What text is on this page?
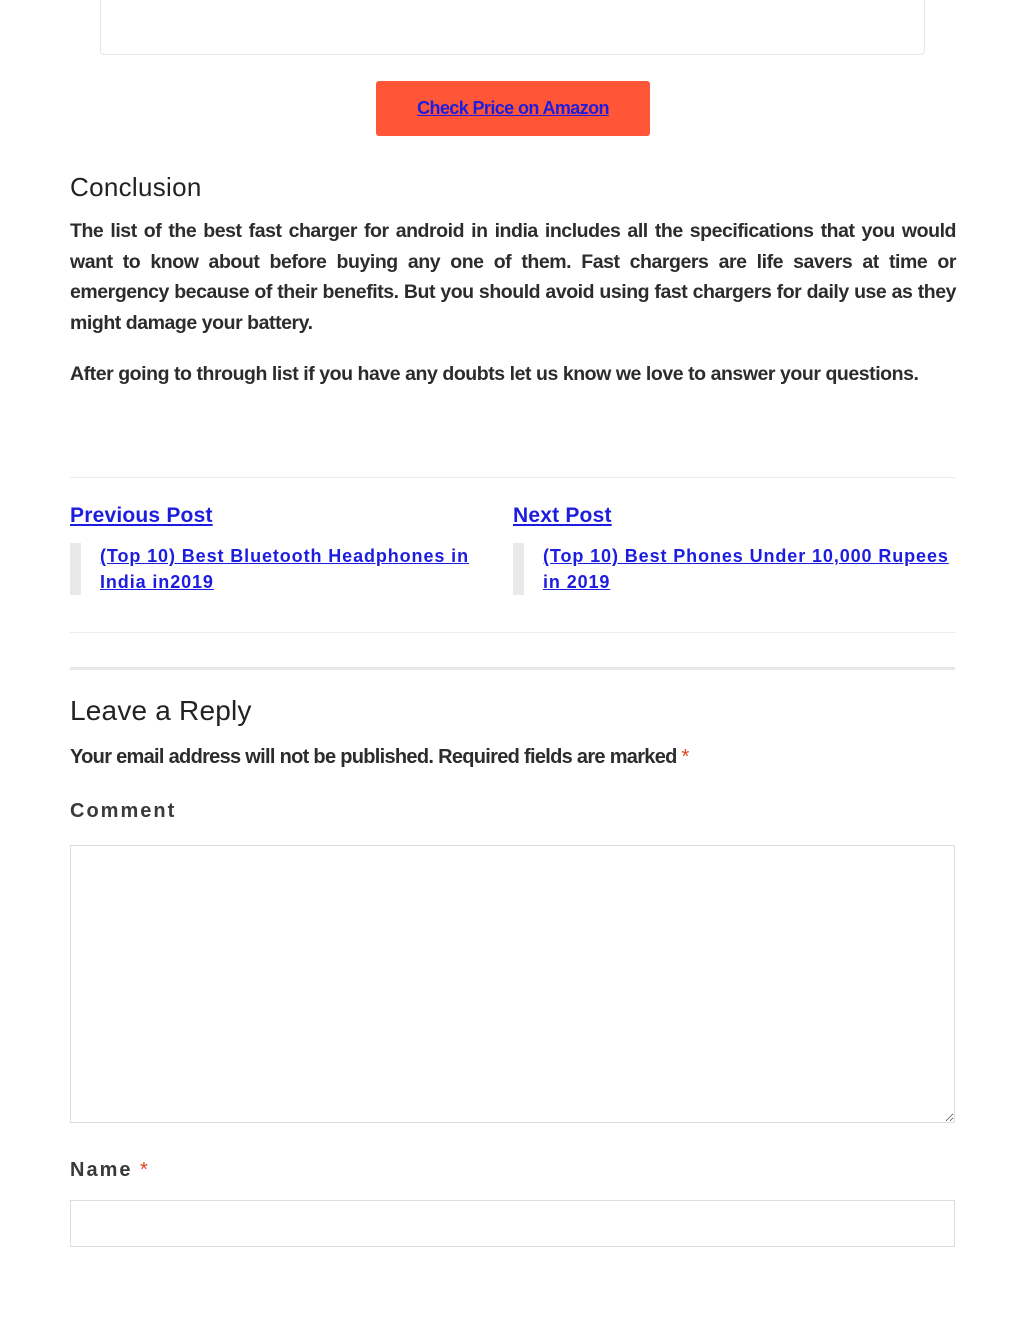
Check Price on Amazon
Conclusion

The list of the best fast charger for android in india includes all the specifications that you would want to know about before buying any one of them. Fast chargers are life savers at time or emergency because of their benefits. But you should avoid using fast chargers for daily use as they might damage your battery.

After going to through list if you have any doubts let us know we love to answer your questions.

Previous Post
(Top 10) Best Bluetooth Headphones in India in2019
Next Post
(Top 10) Best Phones Under 10,000 Rupees in 2019
Leave a Reply

Your email address will not be published. Required fields are marked *

Comment
Name *
